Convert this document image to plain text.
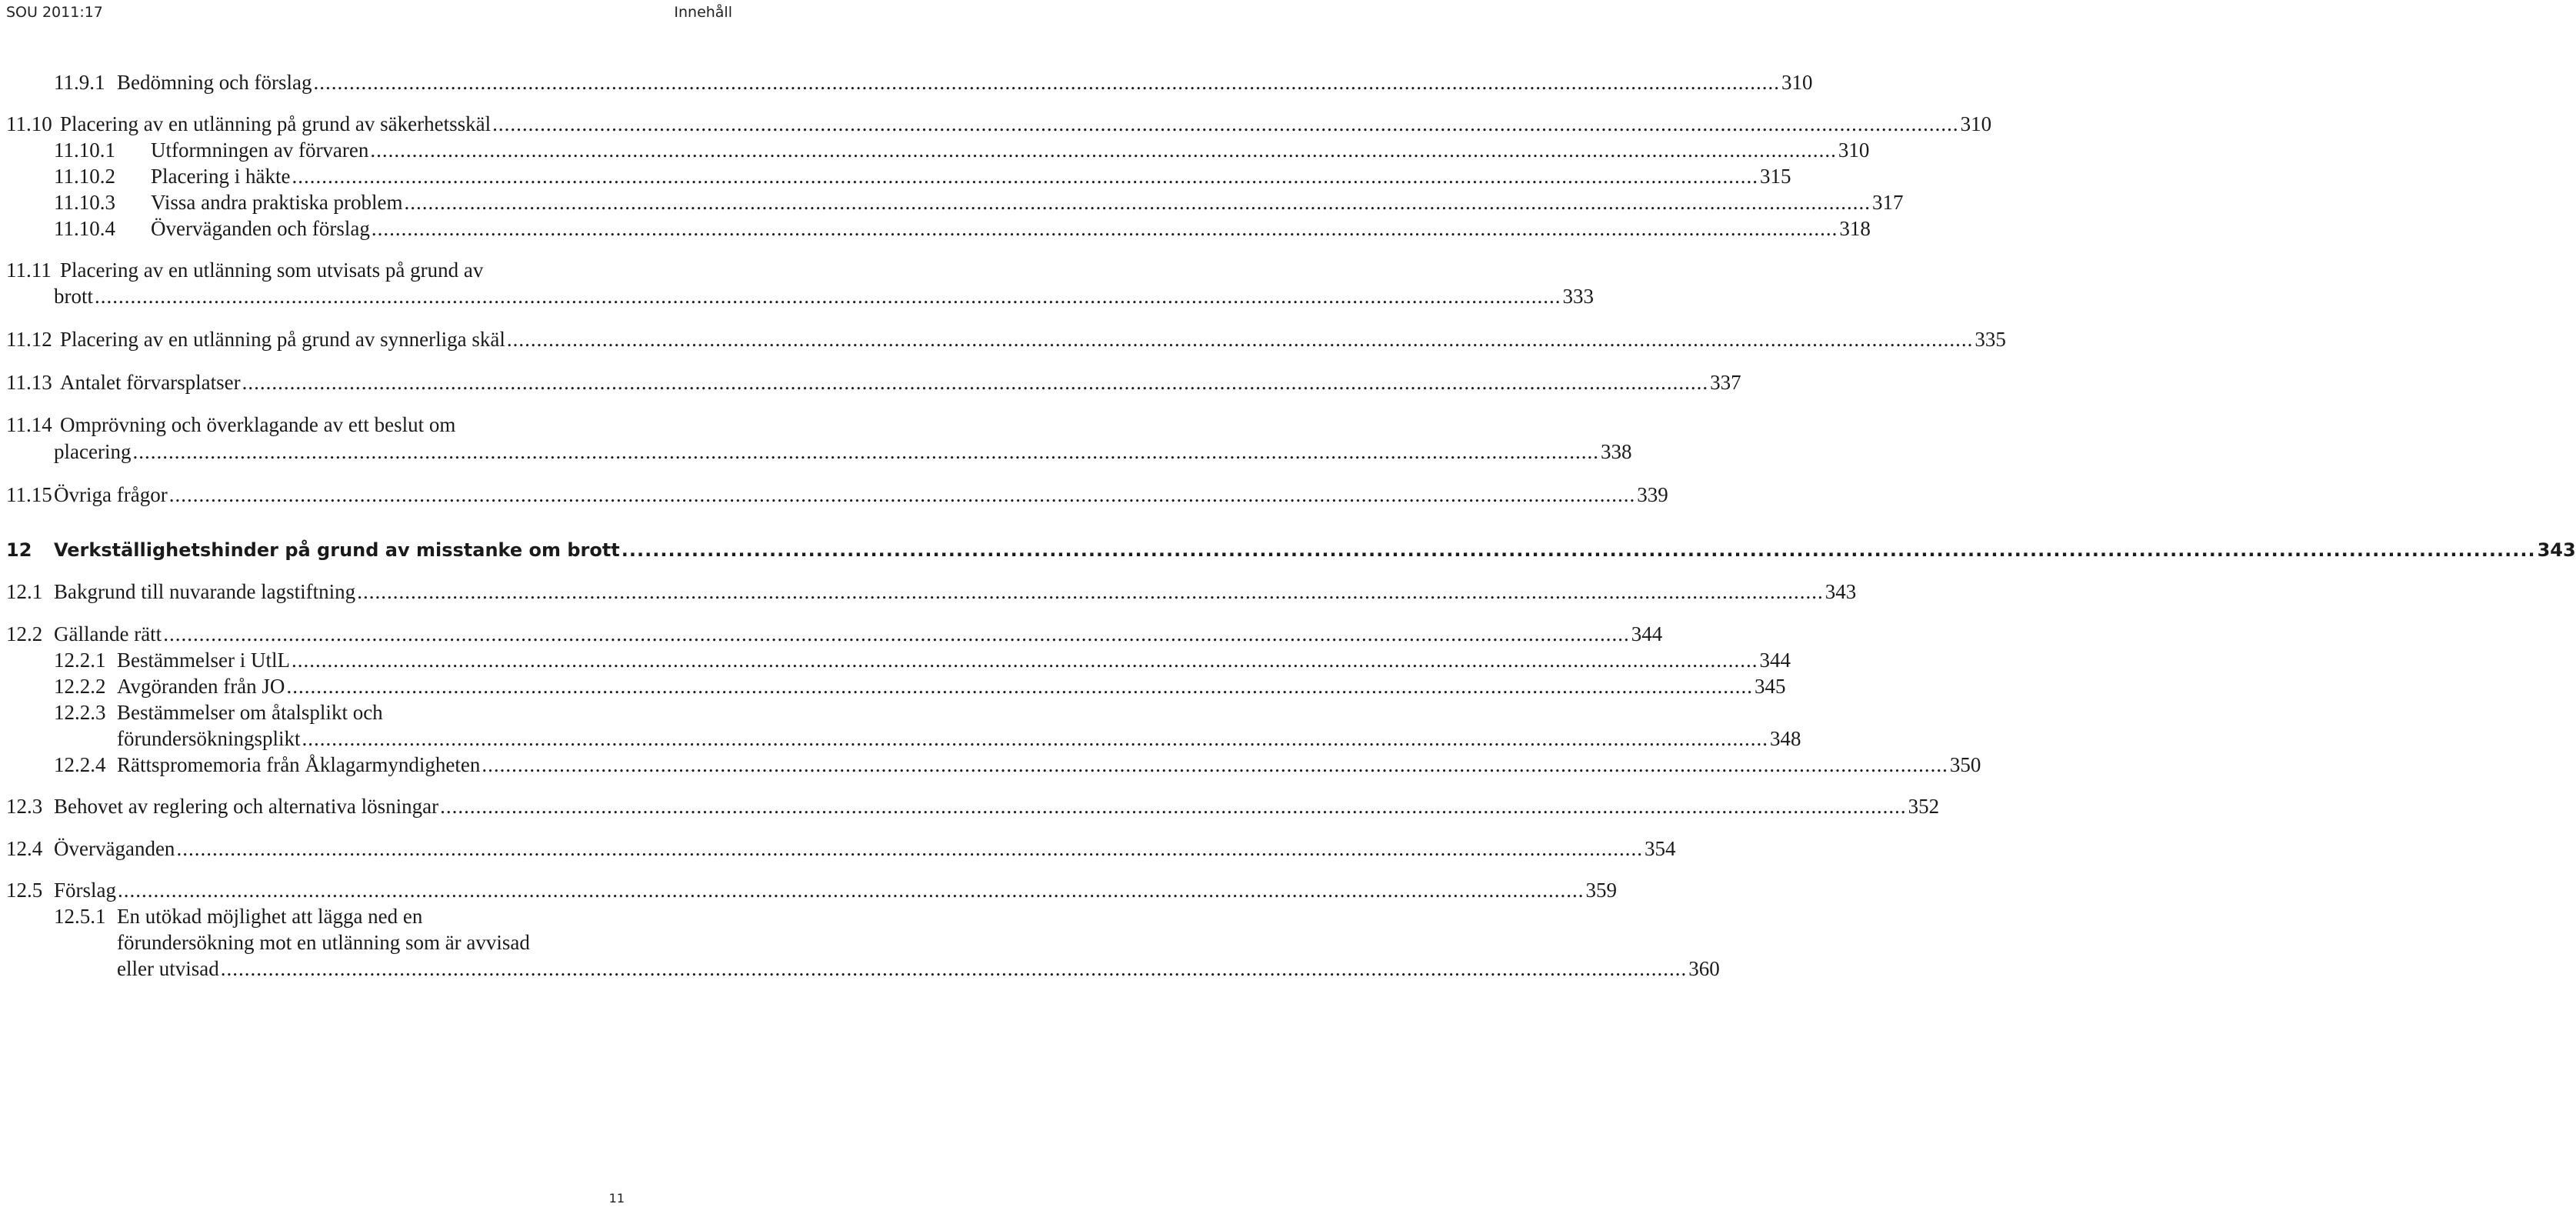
SOU 2011:17	Innehåll
11.9.1 Bedömning och förslag .....	310
11.10 Placering av en utlänning på grund av säkerhetsskäl .....	310
11.10.1	Utformningen av förvaren .....	310
11.10.2	Placering i häkte .....	315
11.10.3	Vissa andra praktiska problem .....	317
11.10.4	Överväganden och förslag .....	318
11.11 Placering av en utlänning som utvisats på grund av
brott .....	333
11.12 Placering av en utlänning på grund av synnerliga skäl .....	335
11.13 Antalet förvarsplatser .....	337
11.14 Omprövning och överklagande av ett beslut om
placering .....	338
11.15 Övriga frågor .....	339
12	Verkställighetshinder på grund av misstanke om brott .....	343
12.1 Bakgrund till nuvarande lagstiftning .....	343
12.2 Gällande rätt .....	344
12.2.1 Bestämmelser i UtlL .....	344
12.2.2 Avgöranden från JO .....	345
12.2.3 Bestämmelser om åtalsplikt och
förundersökningsplikt .....	348
12.2.4 Rättspromemoria från Åklagarmyndigheten .....	350
12.3 Behovet av reglering och alternativa lösningar .....	352
12.4 Överväganden .....	354
12.5 Förslag .....	359
12.5.1 En utökad möjlighet att lägga ned en
förundersökning mot en utlänning som är avvisad
eller utvisad .....	360
11
